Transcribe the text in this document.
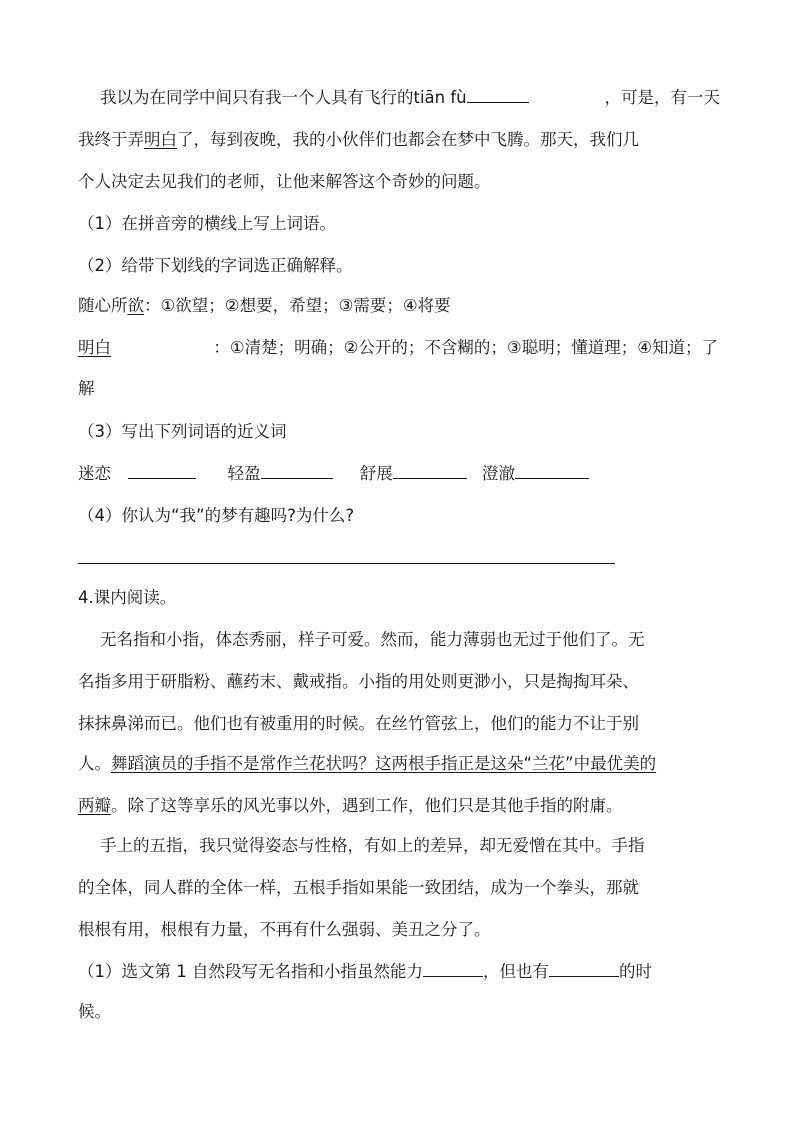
我以为在同学中间只有我一个人具有飞行的tiān fù	，可是，有一天
我终于弄明白了，每到夜晚，我的小伙伴们也都会在梦中飞腾。那天，我们几
个人决定去见我们的老师，让他来解答这个奇妙的问题。
（1）在拼音旁的横线上写上词语。
（2）给带下划线的字词选正确解释。
随心所欲：①欲望；②想要，希望；③需要；④将要
明白	：①清楚；明确；②公开的；不含糊的；③聪明；懂道理；④知道；了
解
（3）写出下列词语的近义词
迷恋	轻盈	舒展	澄澈
（4）你认为“我”的梦有趣吗?为什么?
4.课内阅读。
无名指和小指，体态秀丽，样子可爱。然而，能力薄弱也无过于他们了。无
名指多用于研脂粉、蘸药末、戴戒指。小指的用处则更渺小，只是掏掏耳朵、
抹抹鼻涕而已。他们也有被重用的时候。在丝竹管弦上，他们的能力不让于别
人。舞蹈演员的手指不是常作兰花状吗？这两根手指正是这朵“兰花”中最优美的
两瓣。除了这等享乐的风光事以外，遇到工作，他们只是其他手指的附庸。
手上的五指，我只觉得姿态与性格，有如上的差异，却无爱憎在其中。手指
的全体，同人群的全体一样，五根手指如果能一致团结，成为一个拳头，那就
根根有用，根根有力量，不再有什么强弱、美丑之分了。
（1）选文第 1 自然段写无名指和小指虽然能力	，但也有	的时
候。
